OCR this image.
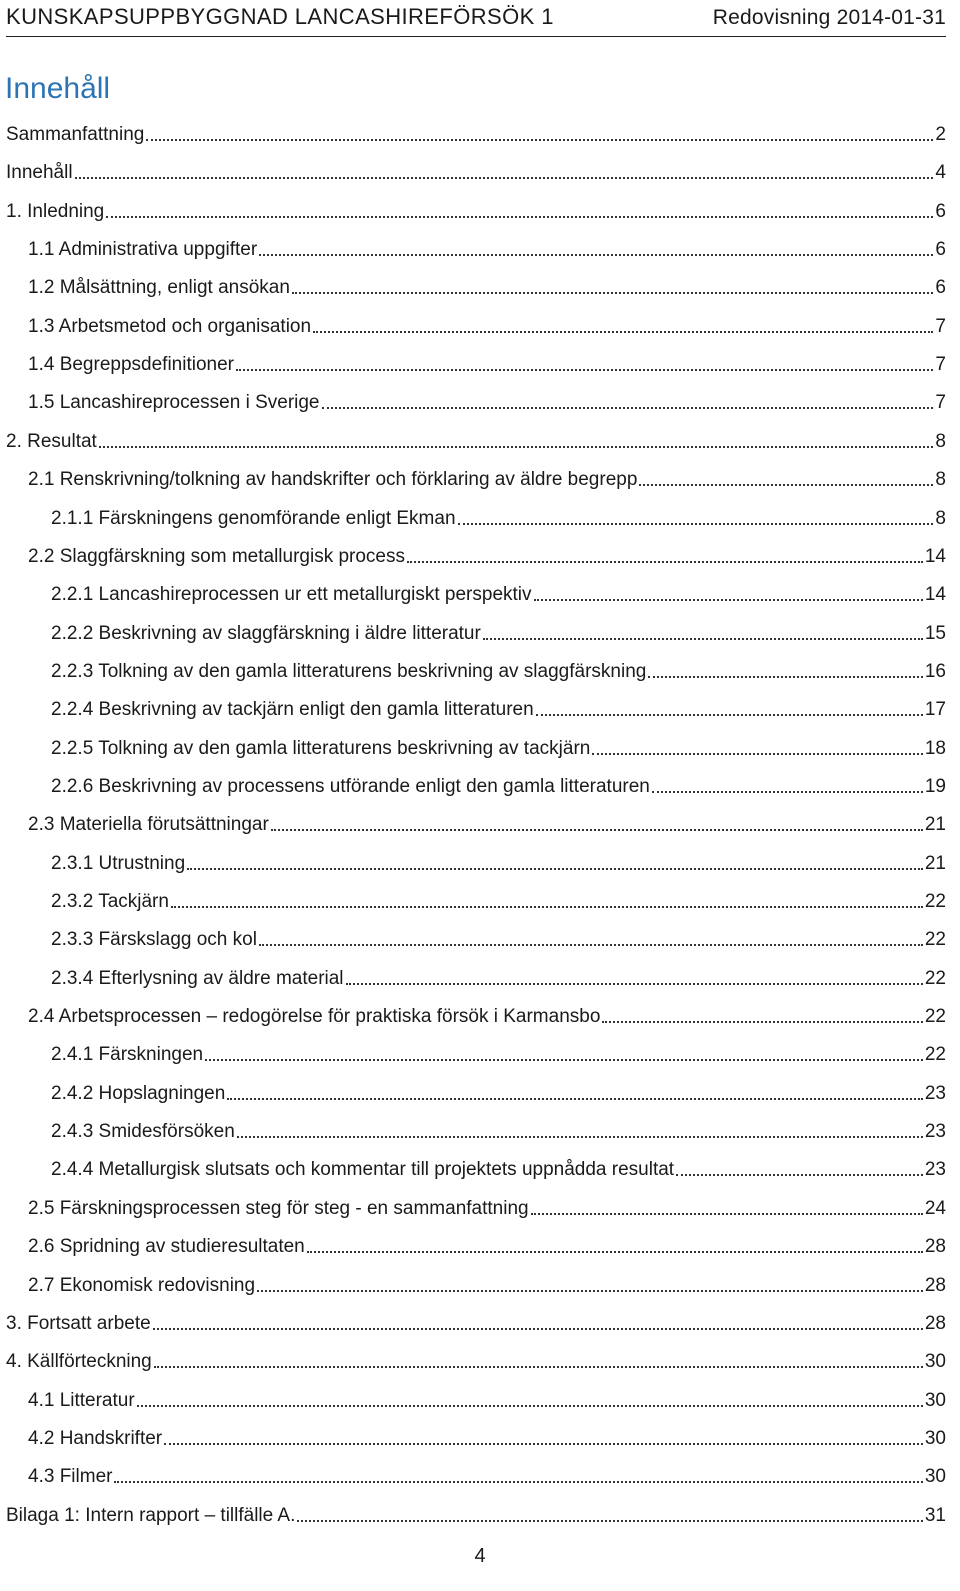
KUNSKAPSUPPBYGGNAD LANCASHIREFÖRSÖK 1	Redovisning 2014-01-31
Innehåll
Sammanfattning	2
Innehåll	4
1. Inledning	6
1.1 Administrativa uppgifter	6
1.2 Målsättning, enligt ansökan	6
1.3 Arbetsmetod och organisation	7
1.4 Begreppsdefinitioner	7
1.5 Lancashireprocessen i Sverige	7
2. Resultat	8
2.1 Renskrivning/tolkning av handskrifter och förklaring av äldre begrepp	8
2.1.1 Färskningens genomförande enligt Ekman	8
2.2 Slaggfärskning som metallurgisk process	14
2.2.1 Lancashireprocessen ur ett metallurgiskt perspektiv	14
2.2.2 Beskrivning av slaggfärskning i äldre litteratur	15
2.2.3 Tolkning av den gamla litteraturens beskrivning av slaggfärskning	16
2.2.4 Beskrivning av tackjärn enligt den gamla litteraturen	17
2.2.5 Tolkning av den gamla litteraturens beskrivning av tackjärn	18
2.2.6 Beskrivning av processens utförande enligt den gamla litteraturen	19
2.3 Materiella förutsättningar	21
2.3.1 Utrustning	21
2.3.2 Tackjärn	22
2.3.3 Färskslagg och kol	22
2.3.4 Efterlysning av äldre material	22
2.4 Arbetsprocessen – redogörelse för praktiska försök i Karmansbo	22
2.4.1 Färskningen	22
2.4.2 Hopslagningen	23
2.4.3 Smidesförsöken	23
2.4.4 Metallurgisk slutsats och kommentar till projektets uppnådda resultat	23
2.5 Färskningsprocessen steg för steg - en sammanfattning	24
2.6 Spridning av studieresultaten	28
2.7 Ekonomisk redovisning	28
3. Fortsatt arbete	28
4. Källförteckning	30
4.1 Litteratur	30
4.2 Handskrifter	30
4.3 Filmer	30
Bilaga 1: Intern rapport – tillfälle A.	31
4
